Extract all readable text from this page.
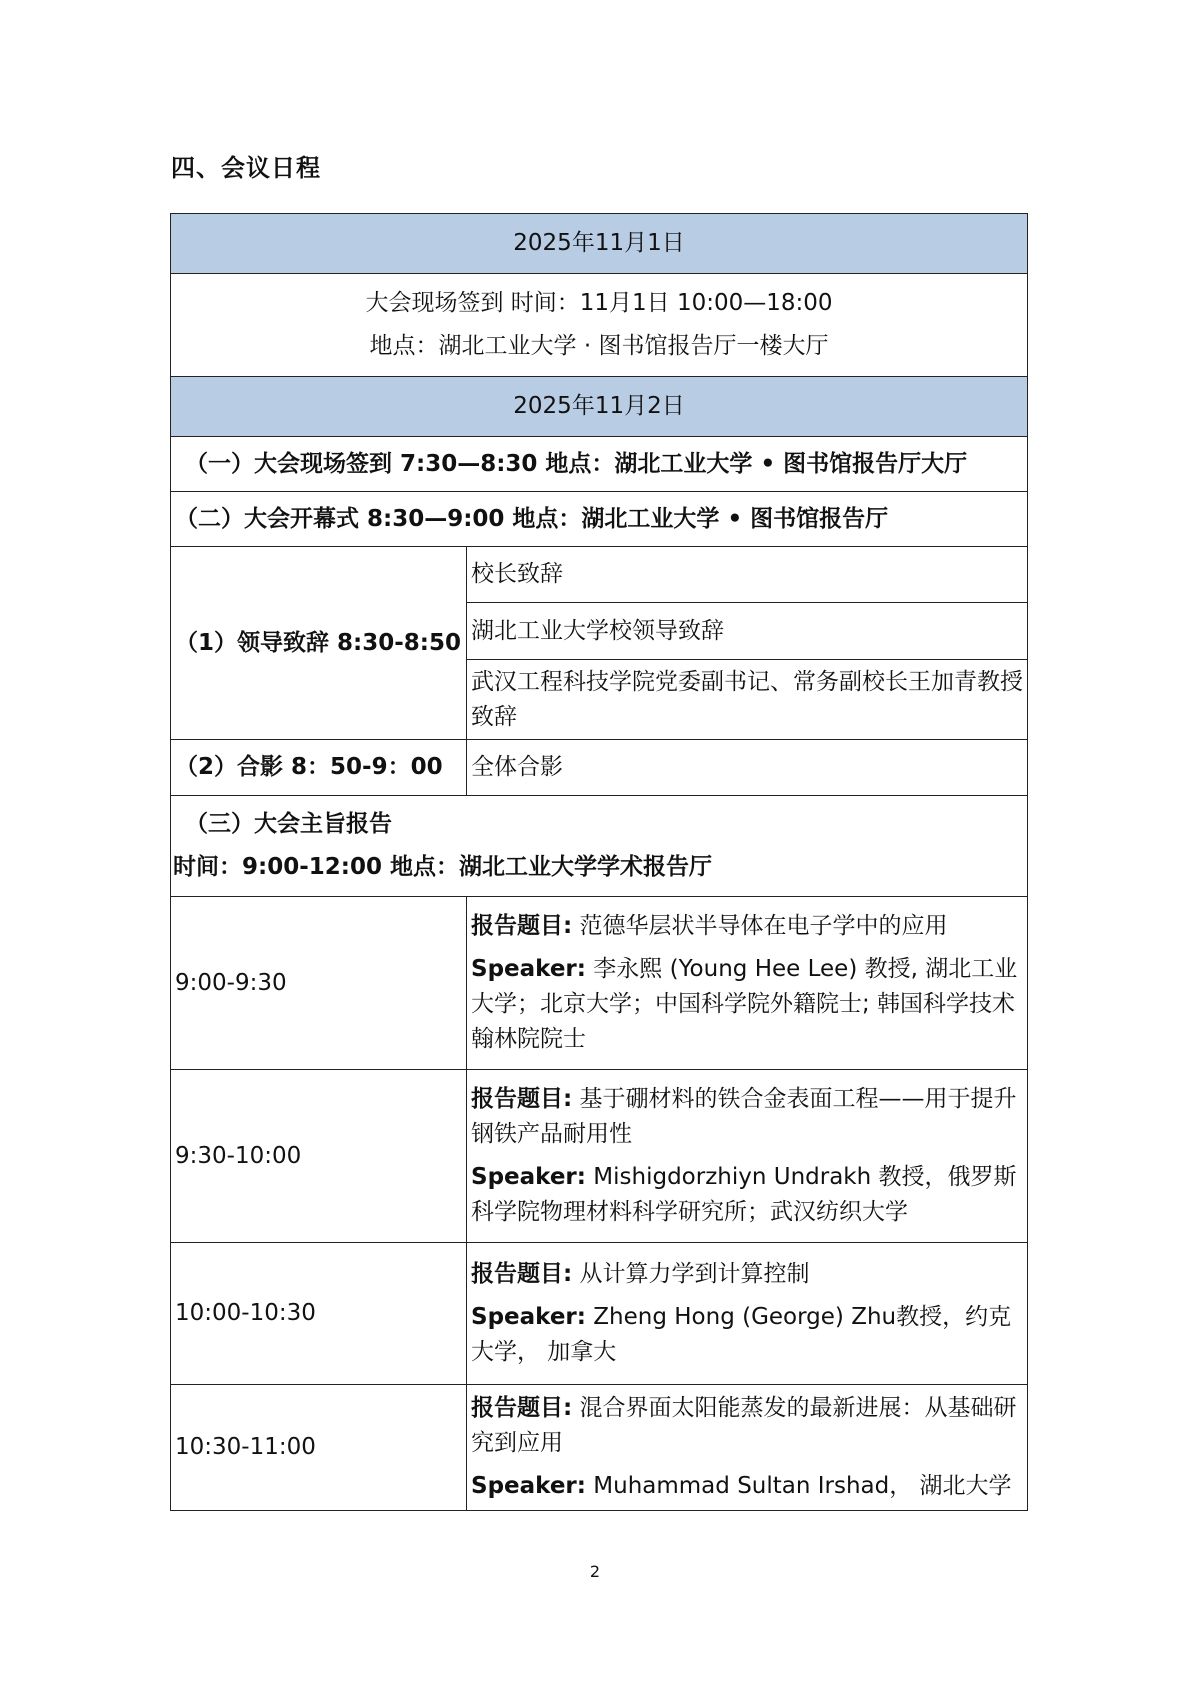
四、会议日程
2025年11月1日	

大会现场签到 时间：11月1日 10:00—18:00
地点：湖北工业大学 · 图书馆报告厅一楼大厅	

2025年11月2日	
（一）大会现场签到 7:30—8:30 地点：湖北工业大学 • 图书馆报告厅大厅	
（二）大会开幕式 8:30—9:00 地点：湖北工业大学 • 图书馆报告厅	
（1）领导致辞 8:30-8:50	校长致辞
	湖北工业大学校领导致辞
	武汉工程科技学院党委副书记、常务副校长王加青教授致辞
（2）合影 8：50-9：00	全体合影

（三）大会主旨报告
时间：9:00-12:00 地点：湖北工业大学学术报告厅	

9:00-9:30	报告题目: 范德华层状半导体在电子学中的应用
Speaker: 李永熙 (Young Hee Lee) 教授, 湖北工业大学；北京大学；中国科学院外籍院士; 韩国科学技术翰林院院士

9:30-10:00	报告题目: 基于硼材料的铁合金表面工程——用于提升钢铁产品耐用性
Speaker: Mishigdorzhiyn Undrakh 教授，俄罗斯科学院物理材料科学研究所；武汉纺织大学

10:00-10:30	报告题目: 从计算力学到计算控制
Speaker: Zheng Hong (George) Zhu教授，约克大学， 加拿大

10:30-11:00	报告题目: 混合界面太阳能蒸发的最新进展：从基础研究到应用
Speaker: Muhammad Sultan Irshad， 湖北大学
2
